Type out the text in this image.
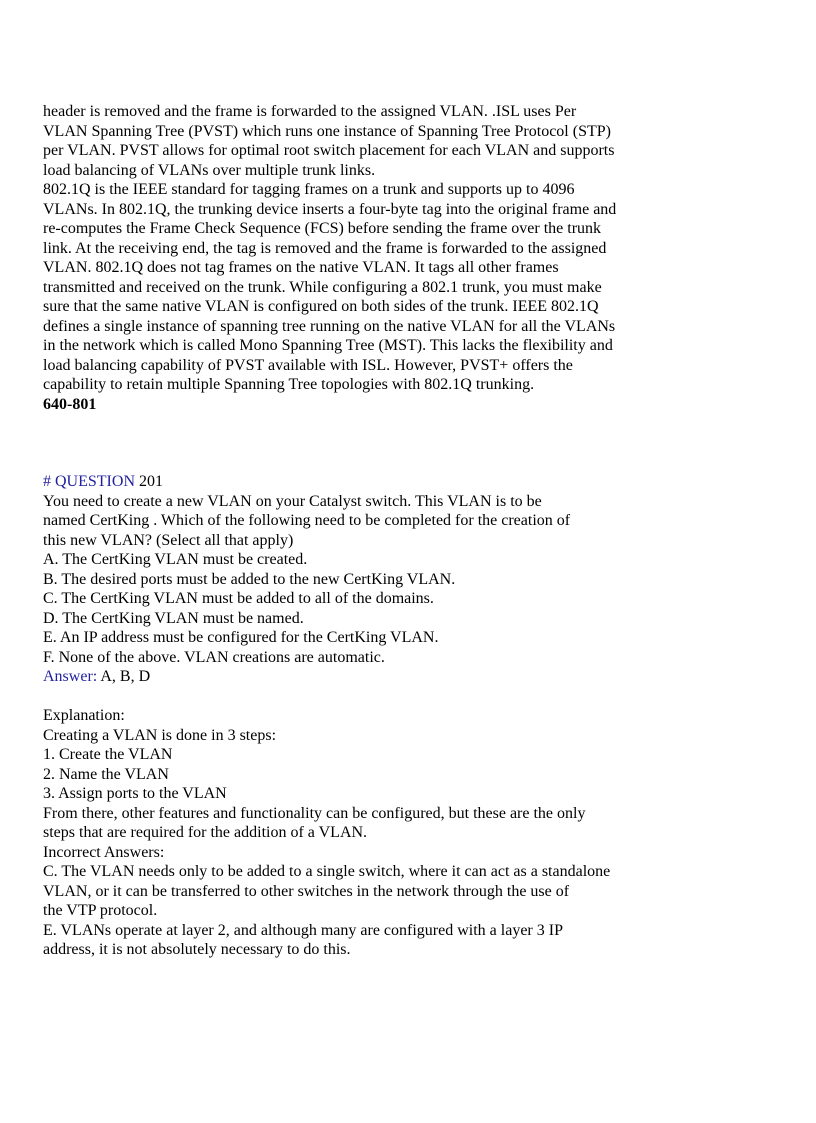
header is removed and the frame is forwarded to the assigned VLAN. .ISL uses Per
VLAN Spanning Tree (PVST) which runs one instance of Spanning Tree Protocol (STP)
per VLAN. PVST allows for optimal root switch placement for each VLAN and supports
load balancing of VLANs over multiple trunk links.
802.1Q is the IEEE standard for tagging frames on a trunk and supports up to 4096
VLANs. In 802.1Q, the trunking device inserts a four-byte tag into the original frame and
re-computes the Frame Check Sequence (FCS) before sending the frame over the trunk
link. At the receiving end, the tag is removed and the frame is forwarded to the assigned
VLAN. 802.1Q does not tag frames on the native VLAN. It tags all other frames
transmitted and received on the trunk. While configuring a 802.1 trunk, you must make
sure that the same native VLAN is configured on both sides of the trunk. IEEE 802.1Q
defines a single instance of spanning tree running on the native VLAN for all the VLANs
in the network which is called Mono Spanning Tree (MST). This lacks the flexibility and
load balancing capability of PVST available with ISL. However, PVST+ offers the
capability to retain multiple Spanning Tree topologies with 802.1Q trunking.
640-801
# QUESTION 201
You need to create a new VLAN on your Catalyst switch. This VLAN is to be
named CertKing . Which of the following need to be completed for the creation of
this new VLAN? (Select all that apply)
A. The CertKing VLAN must be created.
B. The desired ports must be added to the new CertKing VLAN.
C. The CertKing VLAN must be added to all of the domains.
D. The CertKing VLAN must be named.
E. An IP address must be configured for the CertKing VLAN.
F. None of the above. VLAN creations are automatic.
Answer: A, B, D
Explanation:
Creating a VLAN is done in 3 steps:
1. Create the VLAN
2. Name the VLAN
3. Assign ports to the VLAN
From there, other features and functionality can be configured, but these are the only
steps that are required for the addition of a VLAN.
Incorrect Answers:
C. The VLAN needs only to be added to a single switch, where it can act as a standalone
VLAN, or it can be transferred to other switches in the network through the use of
the VTP protocol.
E. VLANs operate at layer 2, and although many are configured with a layer 3 IP
address, it is not absolutely necessary to do this.
